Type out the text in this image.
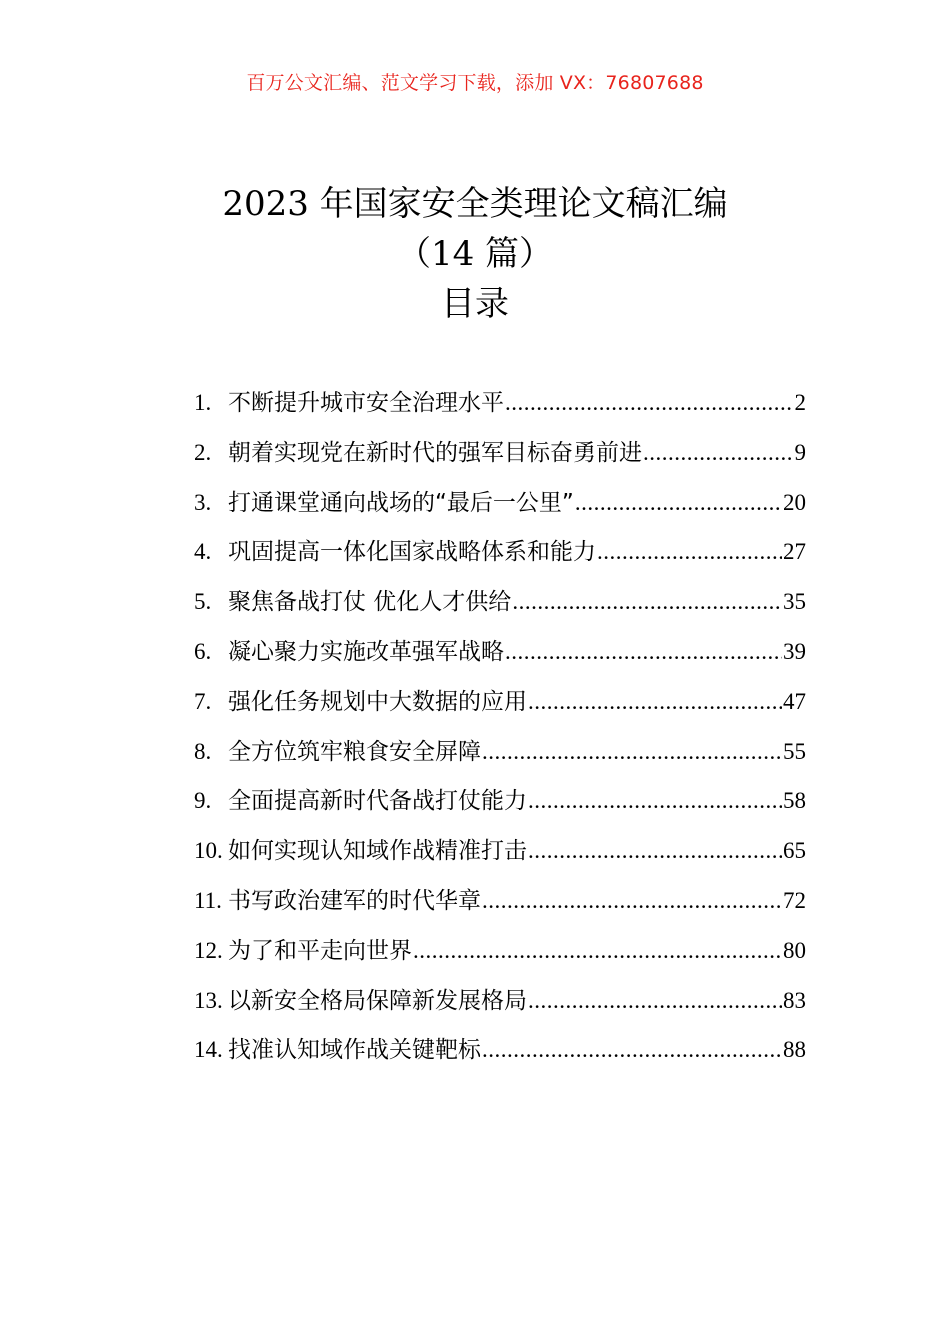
百万公文汇编、范文学习下载，添加 VX：76807688
2023 年国家安全类理论文稿汇编
（14 篇）
目录
1. 不断提升城市安全治理水平 .....	2
2. 朝着实现党在新时代的强军目标奋勇前进 .....	9
3. 打通课堂通向战场的“最后一公里” .....	20
4. 巩固提高一体化国家战略体系和能力 .....	27
5. 聚焦备战打仗 优化人才供给 .....	35
6. 凝心聚力实施改革强军战略 .....	39
7. 强化任务规划中大数据的应用 .....	47
8. 全方位筑牢粮食安全屏障 .....	55
9. 全面提高新时代备战打仗能力 .....	58
10. 如何实现认知域作战精准打击 .....	65
11. 书写政治建军的时代华章 .....	72
12. 为了和平走向世界 .....	80
13. 以新安全格局保障新发展格局 .....	83
14. 找准认知域作战关键靶标 .....	88
